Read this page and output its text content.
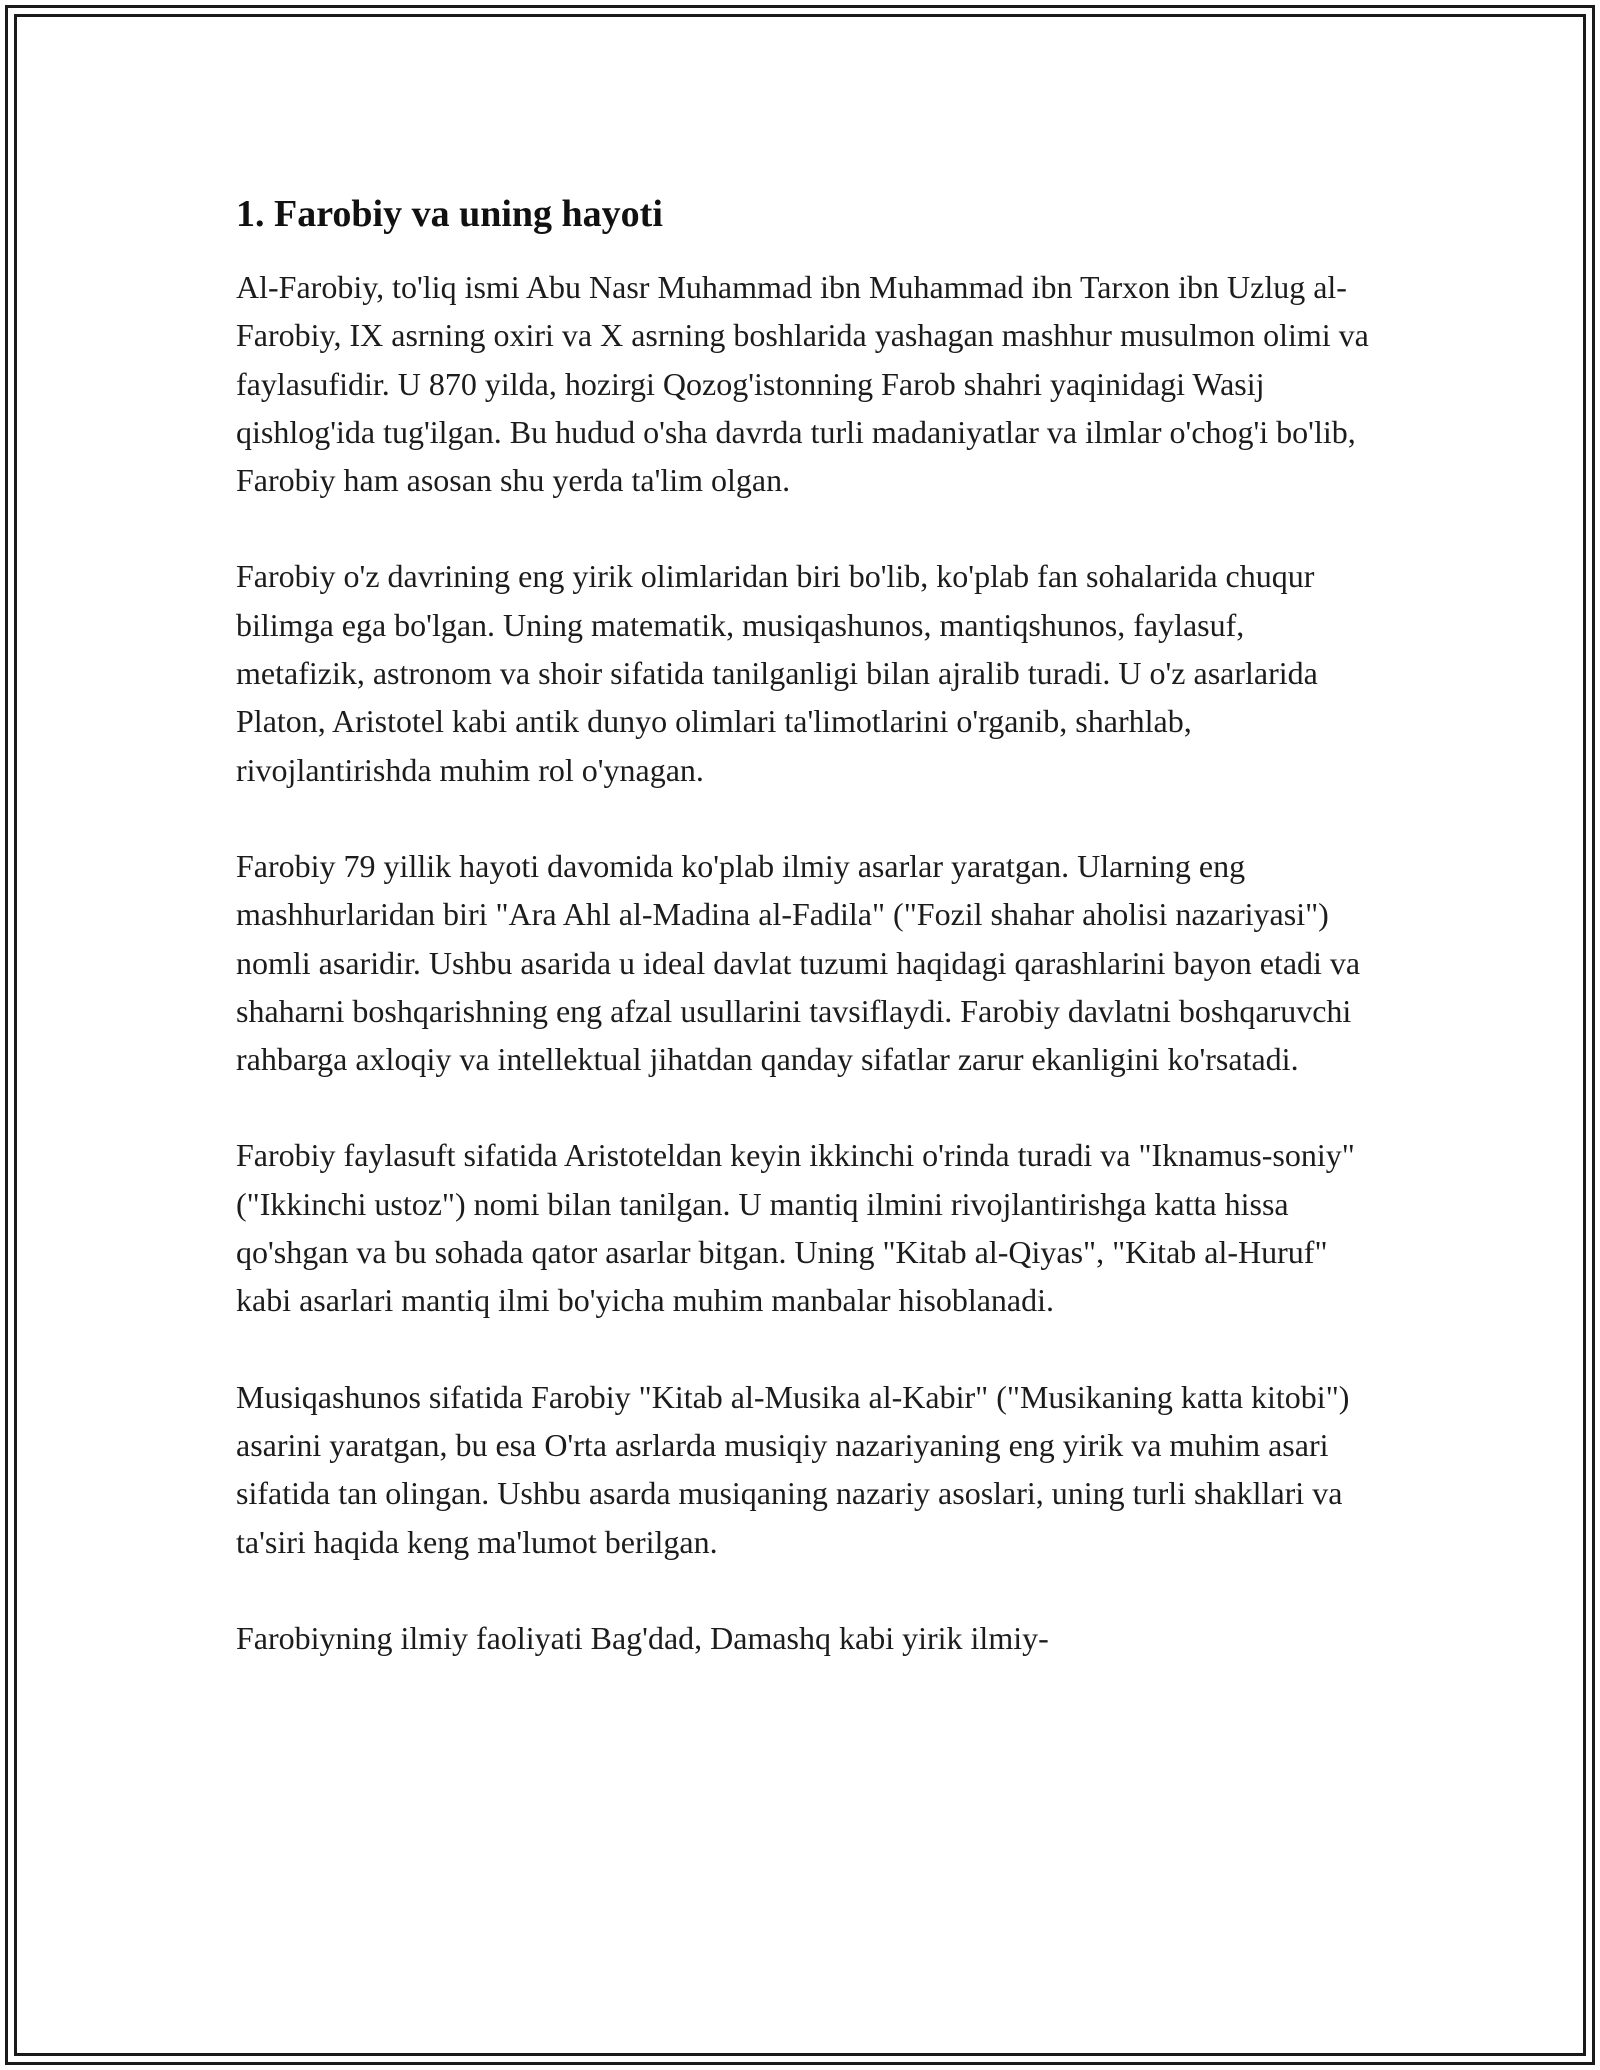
1. Farobiy va uning hayoti

Al-Farobiy, to'liq ismi Abu Nasr Muhammad ibn Muhammad ibn Tarxon ibn Uzlug al-Farobiy, IX asrning oxiri va X asrning boshlarida yashagan mashhur musulmon olimi va faylasufidir. U 870 yilda, hozirgi Qozog'istonning Farob shahri yaqinidagi Wasij qishlog'ida tug'ilgan. Bu hudud o'sha davrda turli madaniyatlar va ilmlar o'chog'i bo'lib, Farobiy ham asosan shu yerda ta'lim olgan.

Farobiy o'z davrining eng yirik olimlaridan biri bo'lib, ko'plab fan sohalarida chuqur bilimga ega bo'lgan. Uning matematik, musiqashunos, mantiqshunos, faylasuf, metafizik, astronom va shoir sifatida tanilganligi bilan ajralib turadi. U o'z asarlarida Platon, Aristotel kabi antik dunyo olimlari ta'limotlarini o'rganib, sharhlab, rivojlantirishda muhim rol o'ynagan.

Farobiy 79 yillik hayoti davomida ko'plab ilmiy asarlar yaratgan. Ularning eng mashhurlaridan biri "Ara Ahl al-Madina al-Fadila" ("Fozil shahar aholisi nazariyasi") nomli asaridir. Ushbu asarida u ideal davlat tuzumi haqidagi qarashlarini bayon etadi va shaharni boshqarishning eng afzal usullarini tavsiflaydi. Farobiy davlatni boshqaruvchi rahbarga axloqiy va intellektual jihatdan qanday sifatlar zarur ekanligini ko'rsatadi.

Farobiy faylasuft sifatida Aristoteldan keyin ikkinchi o'rinda turadi va "Iknamus-soniy" ("Ikkinchi ustoz") nomi bilan tanilgan. U mantiq ilmini rivojlantirishga katta hissa qo'shgan va bu sohada qator asarlar bitgan. Uning "Kitab al-Qiyas", "Kitab al-Huruf" kabi asarlari mantiq ilmi bo'yicha muhim manbalar hisoblanadi.

Musiqashunos sifatida Farobiy "Kitab al-Musika al-Kabir" ("Musikaning katta kitobi") asarini yaratgan, bu esa O'rta asrlarda musiqiy nazariyaning eng yirik va muhim asari sifatida tan olingan. Ushbu asarda musiqaning nazariy asoslari, uning turli shakllari va ta'siri haqida keng ma'lumot berilgan.

Farobiyning ilmiy faoliyati Bag'dad, Damashq kabi yirik ilmiy-
